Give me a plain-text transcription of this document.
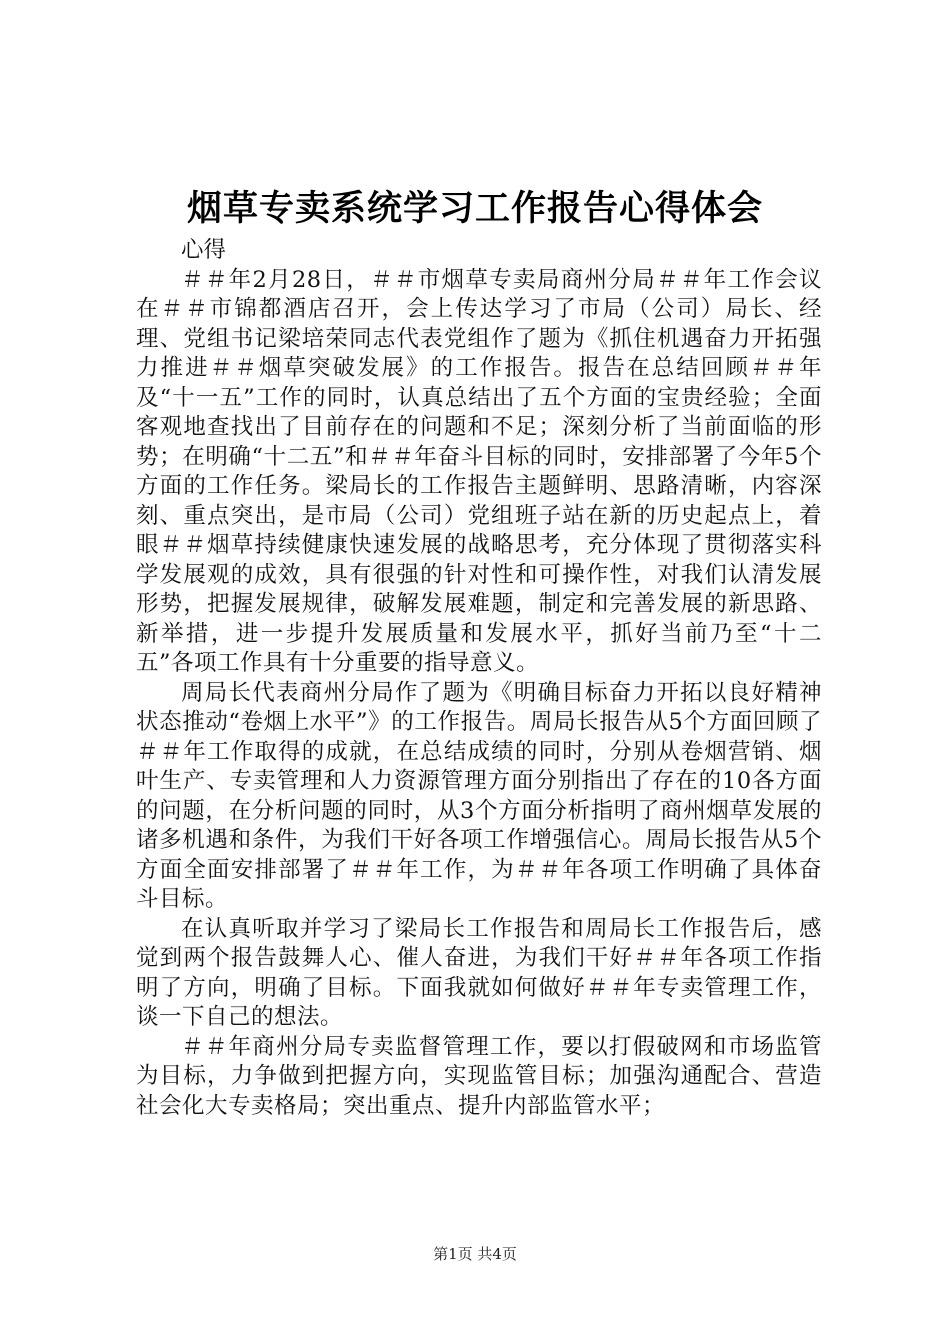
烟草专卖系统学习工作报告心得体会

心得

＃＃年2月28日，＃＃市烟草专卖局商州分局＃＃年工作会议在＃＃市锦都酒店召开，会上传达学习了市局（公司）局长、经理、党组书记梁培荣同志代表党组作了题为《抓住机遇奋力开拓强力推进＃＃烟草突破发展》的工作报告。报告在总结回顾＃＃年及“十一五”工作的同时，认真总结出了五个方面的宝贵经验；全面客观地查找出了目前存在的问题和不足；深刻分析了当前面临的形势；在明确“十二五”和＃＃年奋斗目标的同时，安排部署了今年5个方面的工作任务。梁局长的工作报告主题鲜明、思路清晰，内容深刻、重点突出，是市局（公司）党组班子站在新的历史起点上，着眼＃＃烟草持续健康快速发展的战略思考，充分体现了贯彻落实科学发展观的成效，具有很强的针对性和可操作性，对我们认清发展形势，把握发展规律，破解发展难题，制定和完善发展的新思路、新举措，进一步提升发展质量和发展水平，抓好当前乃至“十二五”各项工作具有十分重要的指导意义。

周局长代表商州分局作了题为《明确目标奋力开拓以良好精神状态推动“卷烟上水平”》的工作报告。周局长报告从5个方面回顾了＃＃年工作取得的成就，在总结成绩的同时，分别从卷烟营销、烟叶生产、专卖管理和人力资源管理方面分别指出了存在的10各方面的问题，在分析问题的同时，从3个方面分析指明了商州烟草发展的诸多机遇和条件，为我们干好各项工作增强信心。周局长报告从5个方面全面安排部署了＃＃年工作，为＃＃年各项工作明确了具体奋斗目标。

在认真听取并学习了梁局长工作报告和周局长工作报告后，感觉到两个报告鼓舞人心、催人奋进，为我们干好＃＃年各项工作指明了方向，明确了目标。下面我就如何做好＃＃年专卖管理工作，谈一下自己的想法。

＃＃年商州分局专卖监督管理工作，要以打假破网和市场监管为目标，力争做到把握方向，实现监管目标；加强沟通配合、营造社会化大专卖格局；突出重点、提升内部监管水平；

第1页 共4页
